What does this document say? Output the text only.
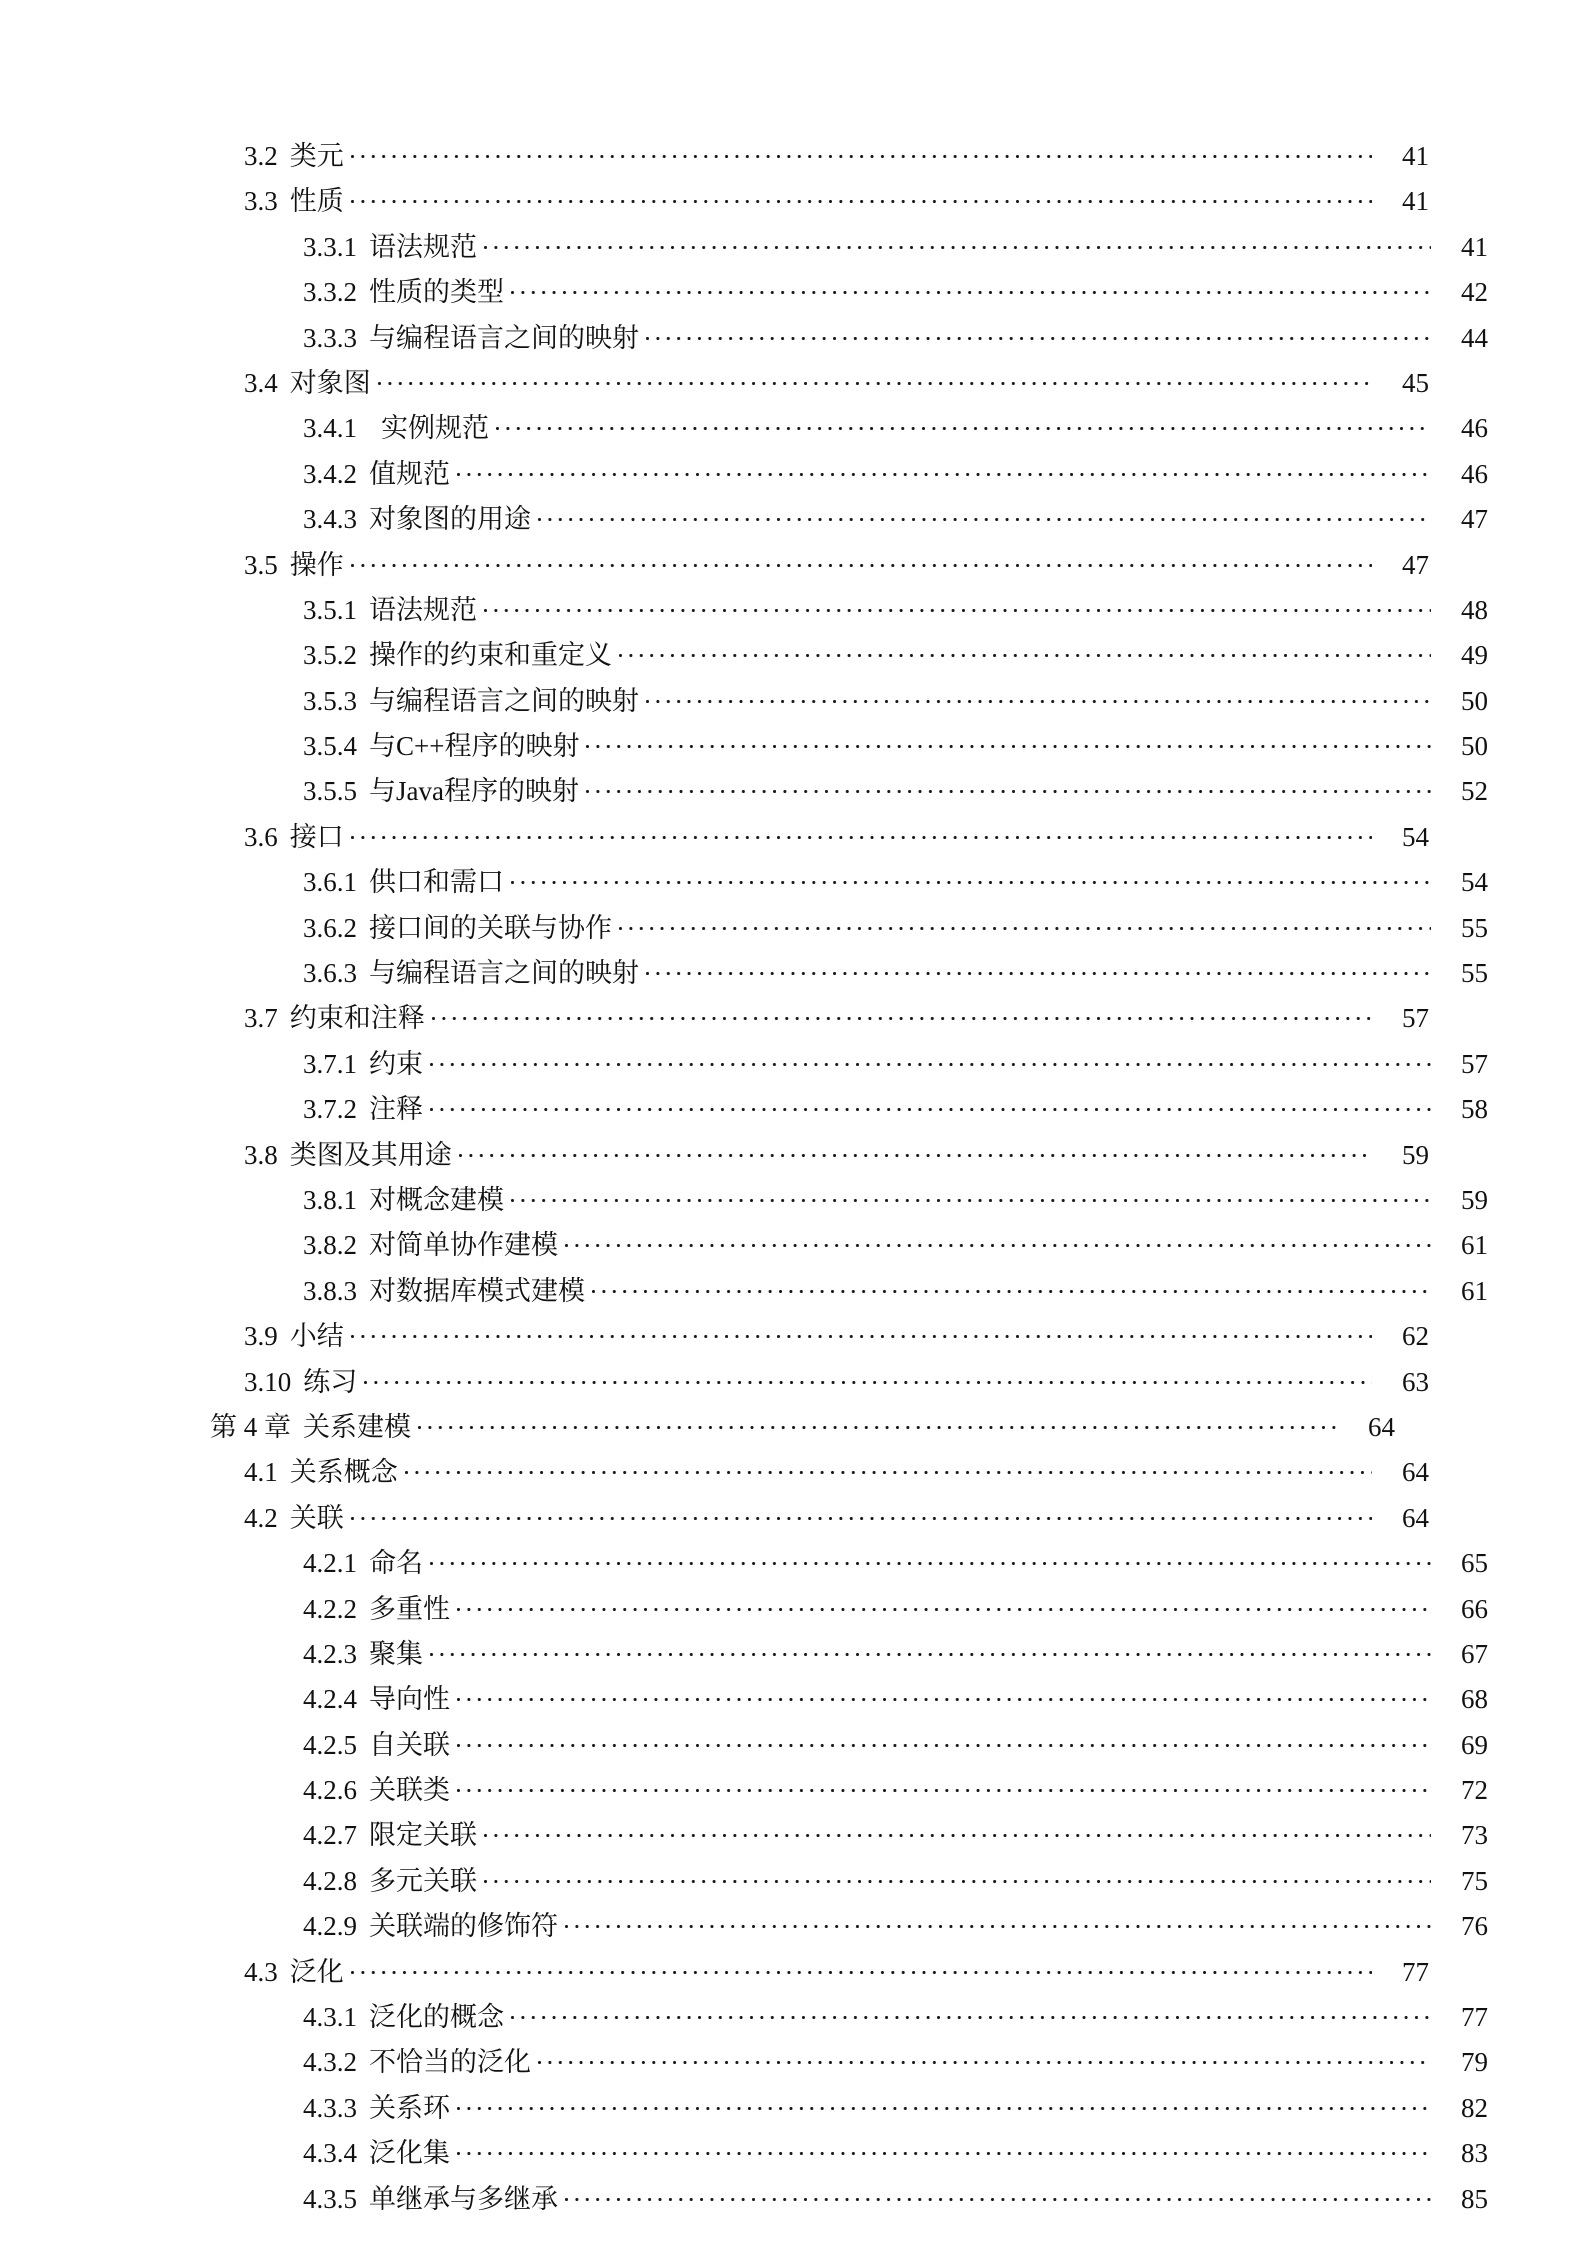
3.2 类元	41
3.3 性质	41
3.3.1 语法规范	41
3.3.2 性质的类型	42
3.3.3 与编程语言之间的映射	44
3.4 对象图	45
3.4.1 实例规范	46
3.4.2 值规范	46
3.4.3 对象图的用途	47
3.5 操作	47
3.5.1 语法规范	48
3.5.2 操作的约束和重定义	49
3.5.3 与编程语言之间的映射	50
3.5.4 与C++程序的映射	50
3.5.5 与Java程序的映射	52
3.6 接口	54
3.6.1 供口和需口	54
3.6.2 接口间的关联与协作	55
3.6.3 与编程语言之间的映射	55
3.7 约束和注释	57
3.7.1 约束	57
3.7.2 注释	58
3.8 类图及其用途	59
3.8.1 对概念建模	59
3.8.2 对简单协作建模	61
3.8.3 对数据库模式建模	61
3.9 小结	62
3.10 练习	63
第 4 章 关系建模	64
4.1 关系概念	64
4.2 关联	64
4.2.1 命名	65
4.2.2 多重性	66
4.2.3 聚集	67
4.2.4 导向性	68
4.2.5 自关联	69
4.2.6 关联类	72
4.2.7 限定关联	73
4.2.8 多元关联	75
4.2.9 关联端的修饰符	76
4.3 泛化	77
4.3.1 泛化的概念	77
4.3.2 不恰当的泛化	79
4.3.3 关系环	82
4.3.4 泛化集	83
4.3.5 单继承与多继承	85
